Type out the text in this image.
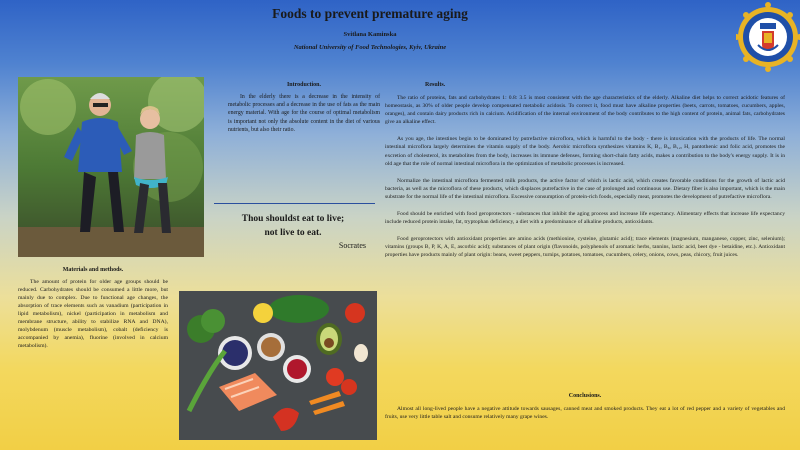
Foods to prevent premature aging
Svitlana Kaminska
National University of Food Technologies, Kyiv, Ukraine
Introduction.

In the elderly there is a decrease in the intensity of metabolic processes and a decrease in the use of fats as the main energy material. With age for the course of optimal metabolism is important not only the absolute content in the diet of various nutrients, but also their ratio.

Thou shouldst eat to live;
not live to eat.
Socrates
Materials and methods.

The amount of protein for older age groups should be reduced. Carbohydrates should be consumed a little more, but mainly due to complex. Due to functional age changes, the absorption of trace elements such as vanadium (participation in lipid metabolism), nickel (participation in metabolism and membrane structure, ability to stabilize RNA and DNA), molybdenum (muscle metabolism), cobalt (deficiency is accompanied by anemia), fluorine (involved in calcium metabolism).

Results.

The ratio of proteins, fats and carbohydrates 1: 0.8: 3.5 is most consistent with the age characteristics of the elderly. Alkaline diet helps to correct acidotic features of homeostasis, as 30% of older people develop compensated metabolic acidosis. To correct it, food must have alkaline properties (beets, carrots, tomatoes, cucumbers, apples, oranges), and contain dairy products rich in calcium. Acidification of the internal environment of the body contributes to the high content of protein, animal fats, carbohydrates give an alkaline effect.

As you age, the intestines begin to be dominated by putrefactive microflora, which is harmful to the body - there is intoxication with the products of life. The normal intestinal microflora largely determines the vitamin supply of the body. Aerobic microflora synthesizes vitamins K, B₁, B₆, B₁₂, H, pantothenic and folic acid, promotes the excretion of cholesterol, its metabolites from the body, increases its immune defenses, forming short-chain fatty acids, makes a contribution to the body's energy supply. It is in old age that the role of normal intestinal microflora in the optimization of metabolic processes is increased.

Normalize the intestinal microflora fermented milk products, the active factor of which is lactic acid, which creates favorable conditions for the growth of lactic acid bacteria, as well as the microflora of these products, which displaces putrefactive in the case of prolonged and continuous use. Dietary fiber is also important, which is the main substrate for the normal life of the intestinal microflora. Excessive consumption of protein-rich foods, especially meat, promotes the development of putrefactive microflora.

Food should be enriched with food geroprotectors - substances that inhibit the aging process and increase life expectancy. Alimentary effects that increase life expectancy include reduced protein intake, fat, tryptophan deficiency, a diet with a predominance of alkaline products, antioxidants.

Food geroprotectors with antioxidant properties are amino acids (methionine, cysteine, glutamic acid); trace elements (magnesium, manganese, copper, zinc, selenium); vitamins (groups B, P, K, A, E, ascorbic acid); substances of plant origin (flavonoids, polyphenols of aromatic herbs, tannins, lactic acid, beet dye - betaidine, etc.). Antioxidant properties have products mainly of plant origin: beans, sweet peppers, turnips, potatoes, tomatoes, cucumbers, celery, onions, cows, peas, chicory, fruit juices.

Conclusions.

Almost all long-lived people have a negative attitude towards sausages, canned meat and smoked products. They eat a lot of red pepper and a variety of vegetables and fruits, use very little table salt and consume relatively many grape wines.
